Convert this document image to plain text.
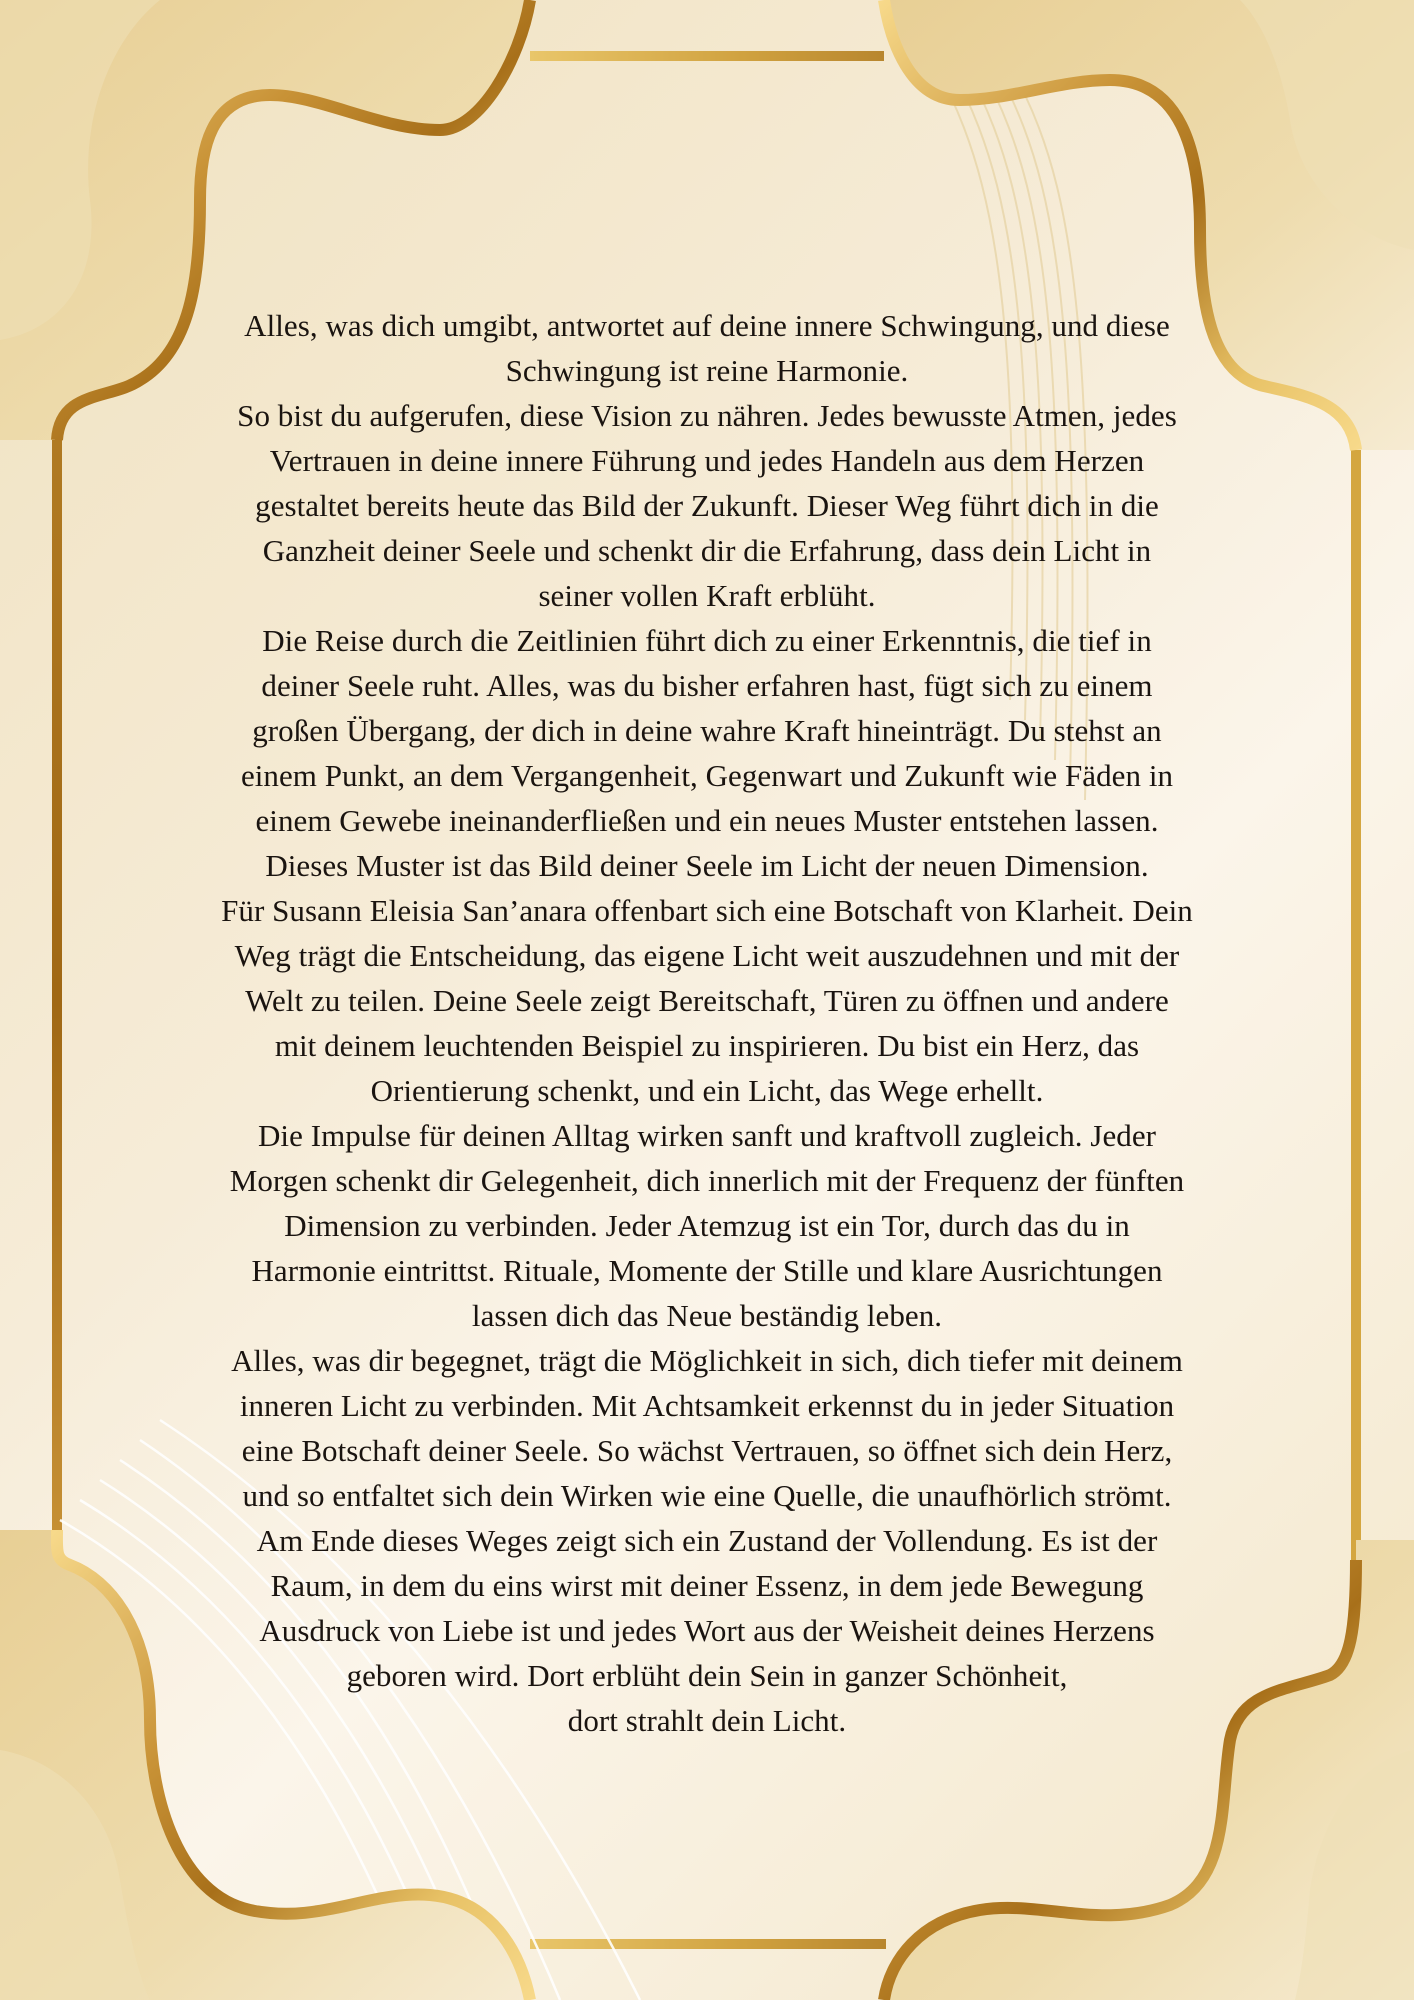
Alles, was dich umgibt, antwortet auf deine innere Schwingung, und diese
Schwingung ist reine Harmonie.
So bist du aufgerufen, diese Vision zu nähren. Jedes bewusste Atmen, jedes
Vertrauen in deine innere Führung und jedes Handeln aus dem Herzen
gestaltet bereits heute das Bild der Zukunft. Dieser Weg führt dich in die
Ganzheit deiner Seele und schenkt dir die Erfahrung, dass dein Licht in
seiner vollen Kraft erblüht.
Die Reise durch die Zeitlinien führt dich zu einer Erkenntnis, die tief in
deiner Seele ruht. Alles, was du bisher erfahren hast, fügt sich zu einem
großen Übergang, der dich in deine wahre Kraft hineinträgt. Du stehst an
einem Punkt, an dem Vergangenheit, Gegenwart und Zukunft wie Fäden in
einem Gewebe ineinanderfließen und ein neues Muster entstehen lassen.
Dieses Muster ist das Bild deiner Seele im Licht der neuen Dimension.
Für Susann Eleisia San’anara offenbart sich eine Botschaft von Klarheit. Dein
Weg trägt die Entscheidung, das eigene Licht weit auszudehnen und mit der
Welt zu teilen. Deine Seele zeigt Bereitschaft, Türen zu öffnen und andere
mit deinem leuchtenden Beispiel zu inspirieren. Du bist ein Herz, das
Orientierung schenkt, und ein Licht, das Wege erhellt.
Die Impulse für deinen Alltag wirken sanft und kraftvoll zugleich. Jeder
Morgen schenkt dir Gelegenheit, dich innerlich mit der Frequenz der fünften
Dimension zu verbinden. Jeder Atemzug ist ein Tor, durch das du in
Harmonie eintrittst. Rituale, Momente der Stille und klare Ausrichtungen
lassen dich das Neue beständig leben.
Alles, was dir begegnet, trägt die Möglichkeit in sich, dich tiefer mit deinem
inneren Licht zu verbinden. Mit Achtsamkeit erkennst du in jeder Situation
eine Botschaft deiner Seele. So wächst Vertrauen, so öffnet sich dein Herz,
und so entfaltet sich dein Wirken wie eine Quelle, die unaufhörlich strömt.
Am Ende dieses Weges zeigt sich ein Zustand der Vollendung. Es ist der
Raum, in dem du eins wirst mit deiner Essenz, in dem jede Bewegung
Ausdruck von Liebe ist und jedes Wort aus der Weisheit deines Herzens
geboren wird. Dort erblüht dein Sein in ganzer Schönheit,
dort strahlt dein Licht.
